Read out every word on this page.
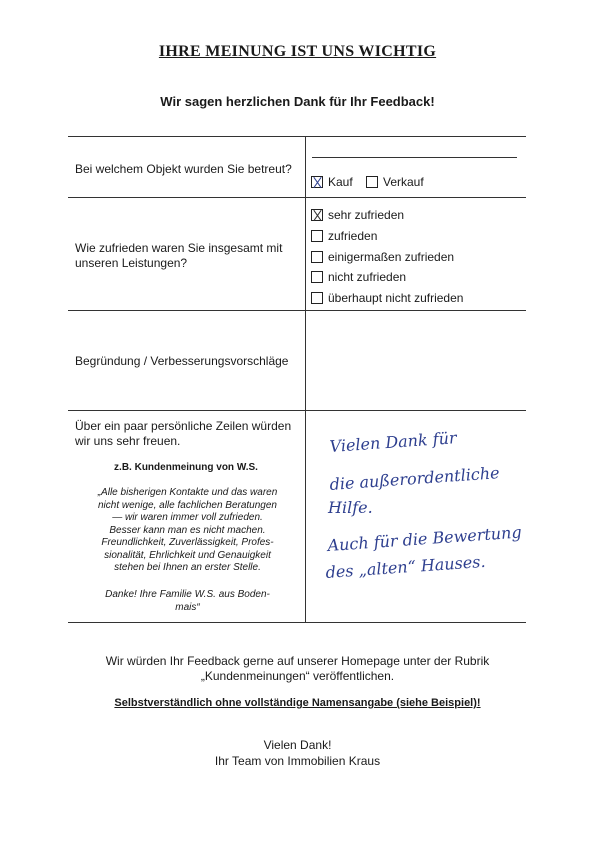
IHRE MEINUNG IST UNS WICHTIG
Wir sagen herzlichen Dank für Ihr Feedback!
Bei welchem Objekt wurden Sie betreut?
Kauf	Verkauf
Wie zufrieden waren Sie insgesamt mit
unseren Leistungen?
sehr zufrieden
zufrieden
einigermaßen zufrieden
nicht zufrieden
überhaupt nicht zufrieden
Begründung / Verbesserungsvorschläge
Über ein paar persönliche Zeilen würden
wir uns sehr freuen.
z.B. Kundenmeinung von W.S.
„Alle bisherigen Kontakte und das waren
nicht wenige, alle fachlichen Beratungen
— wir waren immer voll zufrieden.
Besser kann man es nicht machen.
Freundlichkeit, Zuverlässigkeit, Profes-
sionalität, Ehrlichkeit und Genauigkeit
stehen bei Ihnen an erster Stelle.
Danke! Ihre Familie W.S. aus Boden-
mais“
Vielen Dank für
die außerordentliche
Hilfe.
Auch für die Bewertung
des „alten“ Hauses.
Wir würden Ihr Feedback gerne auf unserer Homepage unter der Rubrik
„Kundenmeinungen“ veröffentlichen.
Selbstverständlich ohne vollständige Namensangabe (siehe Beispiel)!
Vielen Dank!
Ihr Team von Immobilien Kraus
